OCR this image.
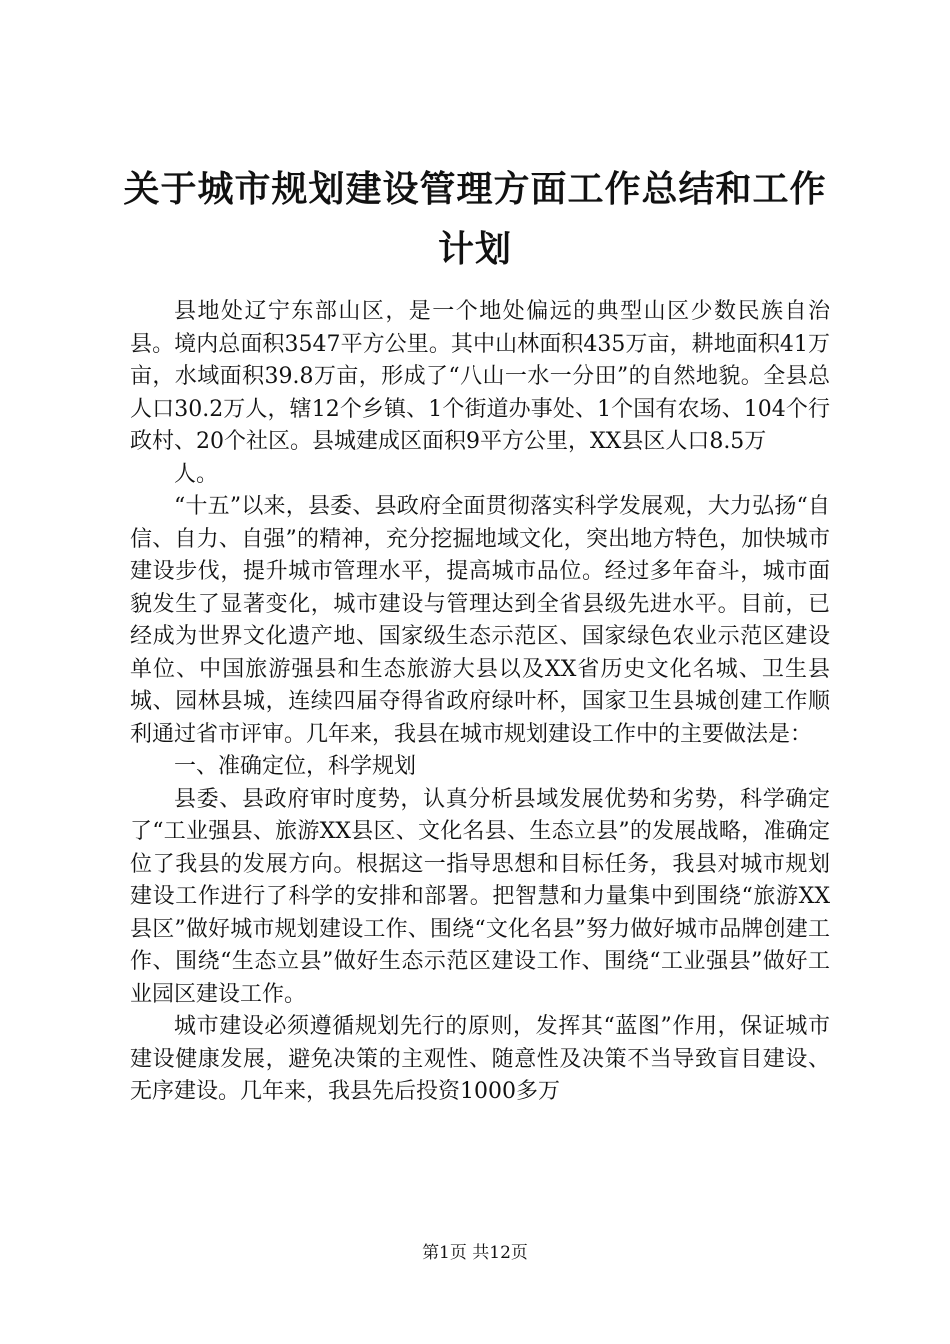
关于城市规划建设管理方面工作总结和工作计划

县地处辽宁东部山区，是一个地处偏远的典型山区少数民族自治县。境内总面积3547平方公里。其中山林面积435万亩，耕地面积41万亩，水域面积39.8万亩，形成了“八山一水一分田”的自然地貌。全县总人口30.2万人，辖12个乡镇、1个街道办事处、1个国有农场、104个行政村、20个社区。县城建成区面积9平方公里，XX县区人口8.5万

人。

“十五”以来，县委、县政府全面贯彻落实科学发展观，大力弘扬“自信、自力、自强”的精神，充分挖掘地域文化，突出地方特色，加快城市建设步伐，提升城市管理水平，提高城市品位。经过多年奋斗，城市面貌发生了显著变化，城市建设与管理达到全省县级先进水平。目前，已经成为世界文化遗产地、国家级生态示范区、国家绿色农业示范区建设单位、中国旅游强县和生态旅游大县以及XX省历史文化名城、卫生县城、园林县城，连续四届夺得省政府绿叶杯，国家卫生县城创建工作顺利通过省市评审。几年来，我县在城市规划建设工作中的主要做法是：

一、准确定位，科学规划

县委、县政府审时度势，认真分析县域发展优势和劣势，科学确定了“工业强县、旅游XX县区、文化名县、生态立县”的发展战略，准确定位了我县的发展方向。根据这一指导思想和目标任务，我县对城市规划建设工作进行了科学的安排和部署。把智慧和力量集中到围绕“旅游XX县区”做好城市规划建设工作、围绕“文化名县”努力做好城市品牌创建工作、围绕“生态立县”做好生态示范区建设工作、围绕“工业强县”做好工业园区建设工作。

城市建设必须遵循规划先行的原则，发挥其“蓝图”作用，保证城市建设健康发展，避免决策的主观性、随意性及决策不当导致盲目建设、无序建设。几年来，我县先后投资1000多万

第1页 共12页
